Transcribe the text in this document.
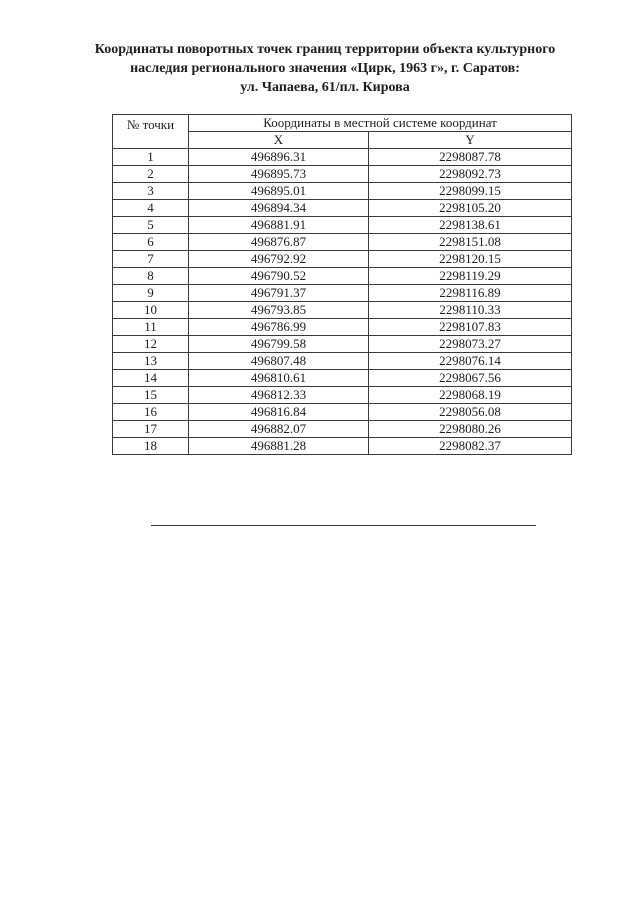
Координаты поворотных точек границ территории объекта культурного
наследия регионального значения «Цирк, 1963 г», г. Саратов:
ул. Чапаева, 61/пл. Кирова
№ точки	Координаты в местной системе координат	
	X	Y
1	496896.31	2298087.78
2	496895.73	2298092.73
3	496895.01	2298099.15
4	496894.34	2298105.20
5	496881.91	2298138.61
6	496876.87	2298151.08
7	496792.92	2298120.15
8	496790.52	2298119.29
9	496791.37	2298116.89
10	496793.85	2298110.33
11	496786.99	2298107.83
12	496799.58	2298073.27
13	496807.48	2298076.14
14	496810.61	2298067.56
15	496812.33	2298068.19
16	496816.84	2298056.08
17	496882.07	2298080.26
18	496881.28	2298082.37
